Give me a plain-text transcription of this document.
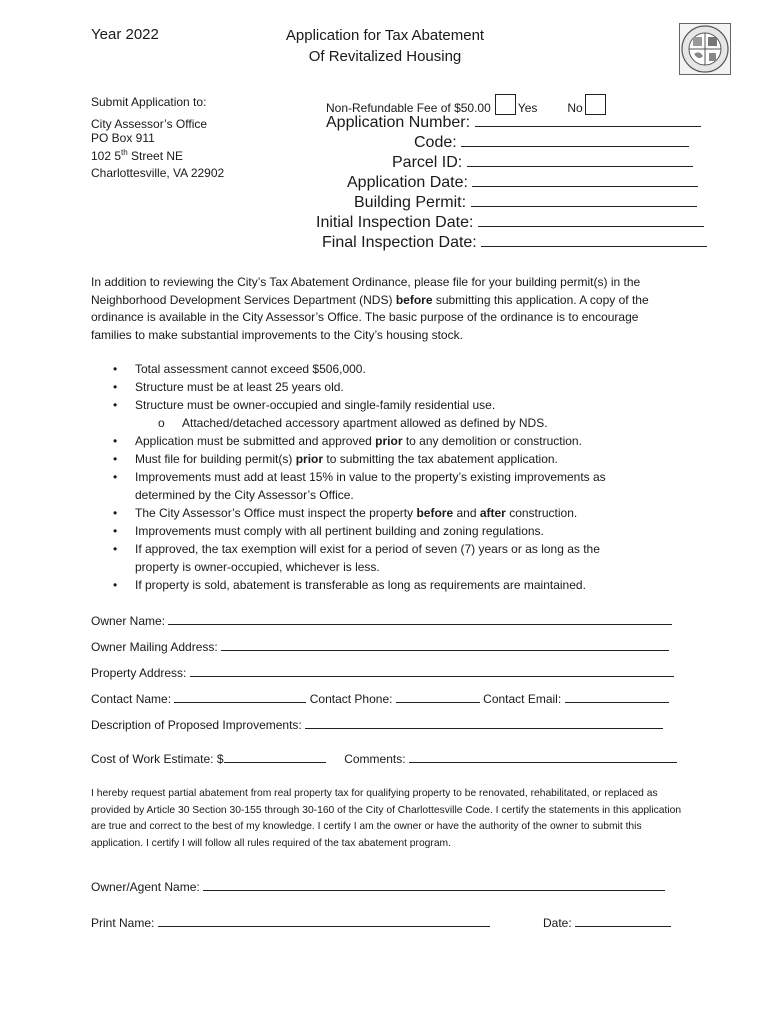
Year 2022	Application for Tax Abatement
Of Revitalized Housing
Submit Application to:
City Assessor’s Office
PO Box 911
102 5th Street NE
Charlottesville, VA 22902
Non-Refundable Fee of $50.00 Yes	No
Application Number:
Code:
Parcel ID:
Application Date:
Building Permit:
Initial Inspection Date:
Final Inspection Date:
In addition to reviewing the City’s Tax Abatement Ordinance, please file for your building permit(s) in the Neighborhood Development Services Department (NDS) before submitting this application. A copy of the ordinance is available in the City Assessor’s Office. The basic purpose of the ordinance is to encourage families to make substantial improvements to the City’s housing stock.
• Total assessment cannot exceed $506,000.
• Structure must be at least 25 years old.
• Structure must be owner-occupied and single-family residential use.
o Attached/detached accessory apartment allowed as defined by NDS.
• Application must be submitted and approved prior to any demolition or construction.
• Must file for building permit(s) prior to submitting the tax abatement application.
• Improvements must add at least 15% in value to the property’s existing improvements as
determined by the City Assessor’s Office.
• The City Assessor’s Office must inspect the property before and after construction.
• Improvements must comply with all pertinent building and zoning regulations.
• If approved, the tax exemption will exist for a period of seven (7) years or as long as the
property is owner-occupied, whichever is less.
• If property is sold, abatement is transferable as long as requirements are maintained.
Owner Name:
Owner Mailing Address:
Property Address:
Contact Name:	Contact Phone:	Contact Email:
Description of Proposed Improvements:
Cost of Work Estimate: $	Comments:
I hereby request partial abatement from real property tax for qualifying property to be renovated, rehabilitated, or replaced as provided by Article 30 Section 30-155 through 30-160 of the City of Charlottesville Code. I certify the statements in this application are true and correct to the best of my knowledge. I certify I am the owner or have the authority of the owner to submit this application. I certify I will follow all rules required of the tax abatement program.
Owner/Agent Name:
Print Name:	Date:
